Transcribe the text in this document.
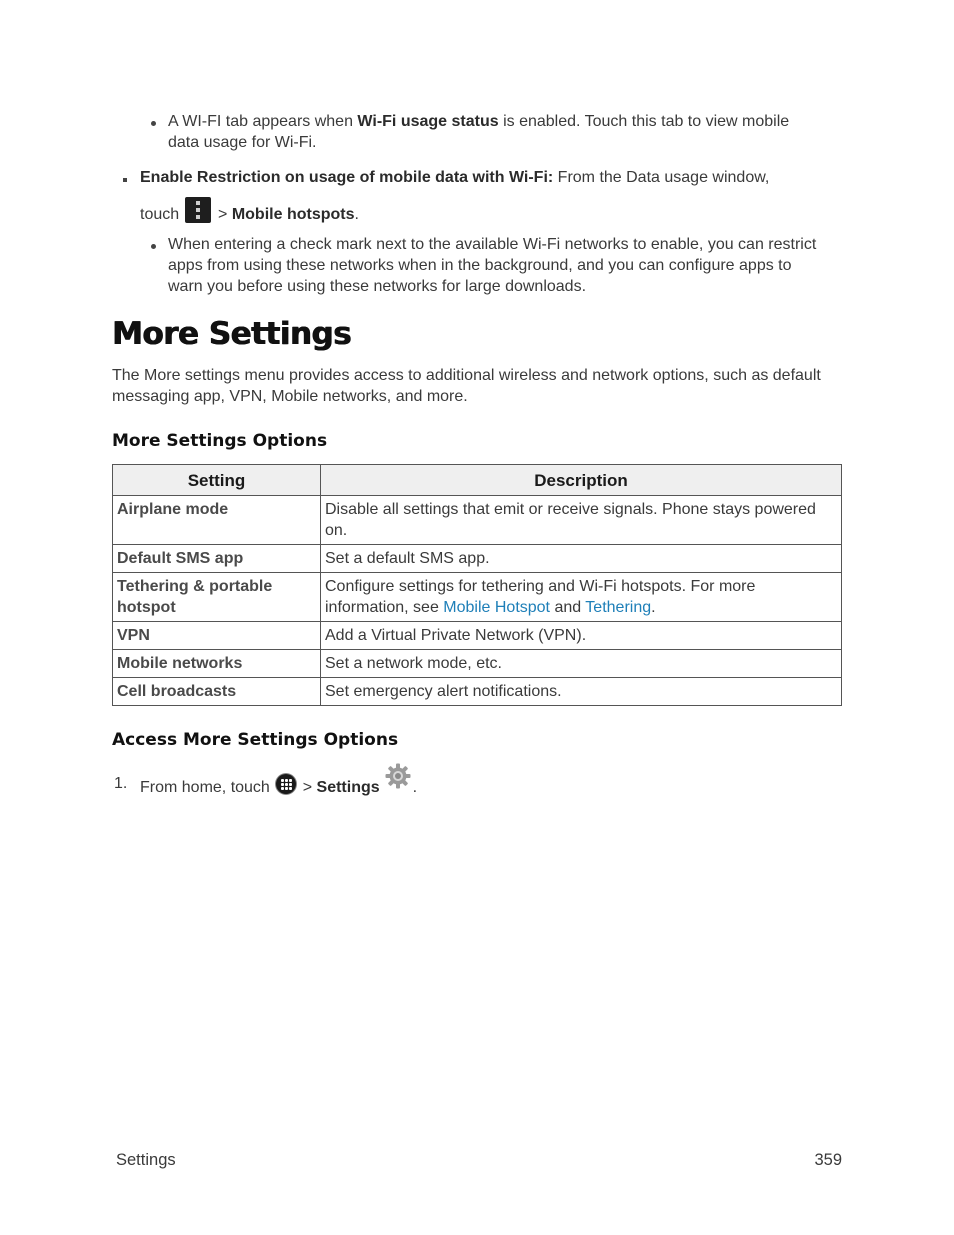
A WI-FI tab appears when Wi-Fi usage status is enabled. Touch this tab to view mobile
data usage for Wi-Fi.
Enable Restriction on usage of mobile data with Wi-Fi: From the Data usage window,
touch
> Mobile hotspots.
When entering a check mark next to the available Wi-Fi networks to enable, you can restrict
apps from using these networks when in the background, and you can configure apps to
warn you before using these networks for large downloads.
More Settings
The More settings menu provides access to additional wireless and network options, such as default
messaging app, VPN, Mobile networks, and more.
More Settings Options
Setting	Description
Airplane mode	Disable all settings that emit or receive signals. Phone stays powered on.
Default SMS app	Set a default SMS app.
Tethering & portable hotspot	Configure settings for tethering and Wi-Fi hotspots. For more information, see Mobile Hotspot and Tethering.
VPN	Add a Virtual Private Network (VPN).
Mobile networks	Set a network mode, etc.
Cell broadcasts	Set emergency alert notifications.
Access More Settings Options
1. From home, touch
> Settings .
Settings	359
